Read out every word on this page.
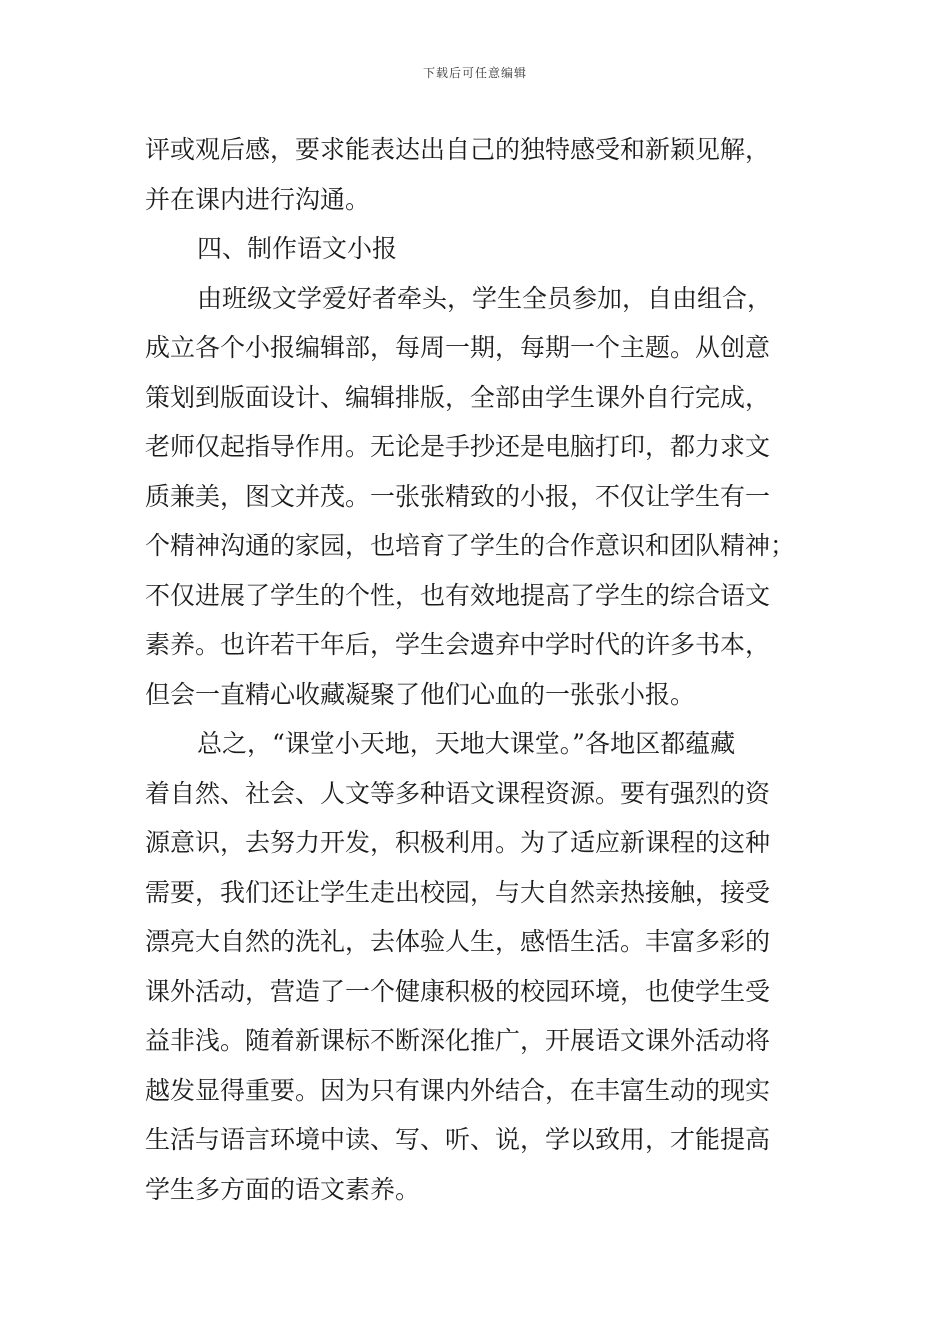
下载后可任意编辑
评或观后感，要求能表达出自己的独特感受和新颖见解，
并在课内进行沟通。
四、制作语文小报
由班级文学爱好者牵头，学生全员参加，自由组合，
成立各个小报编辑部，每周一期，每期一个主题。从创意
策划到版面设计、编辑排版，全部由学生课外自行完成，
老师仅起指导作用。无论是手抄还是电脑打印，都力求文
质兼美，图文并茂。一张张精致的小报，不仅让学生有一
个精神沟通的家园，也培育了学生的合作意识和团队精神；
不仅进展了学生的个性，也有效地提高了学生的综合语文
素养。也许若干年后，学生会遗弃中学时代的许多书本，
但会一直精心收藏凝聚了他们心血的一张张小报。
总之，“课堂小天地，天地大课堂。”各地区都蕴藏
着自然、社会、人文等多种语文课程资源。要有强烈的资
源意识，去努力开发，积极利用。为了适应新课程的这种
需要，我们还让学生走出校园，与大自然亲热接触，接受
漂亮大自然的洗礼，去体验人生，感悟生活。丰富多彩的
课外活动，营造了一个健康积极的校园环境，也使学生受
益非浅。随着新课标不断深化推广，开展语文课外活动将
越发显得重要。因为只有课内外结合，在丰富生动的现实
生活与语言环境中读、写、听、说，学以致用，才能提高
学生多方面的语文素养。
